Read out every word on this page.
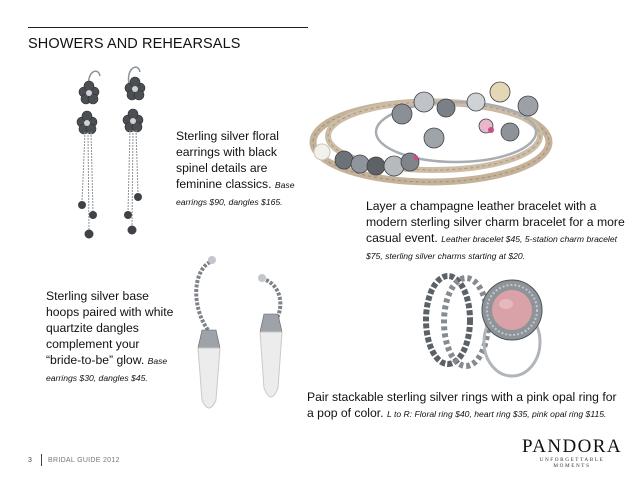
SHOWERS AND REHEARSALS
Sterling silver floral earrings with black spinel details are feminine classics. Base earrings $90, dangles $165.	Layer a champagne leather bracelet with a modern sterling silver charm bracelet for a more casual event. Leather bracelet $45, 5-station charm bracelet $75, sterling silver charms starting at $20.
Sterling silver base hoops paired with white quartzite dangles complement your “bride-to-be” glow. Base earrings $30, dangles $45.
Pair stackable sterling silver rings with a pink opal ring for a pop of color. L to R: Floral ring $40, heart ring $35, pink opal ring $115.
PANDORA
UNFORGETTABLE MOMENTS
3 BRIDAL GUIDE 2012
